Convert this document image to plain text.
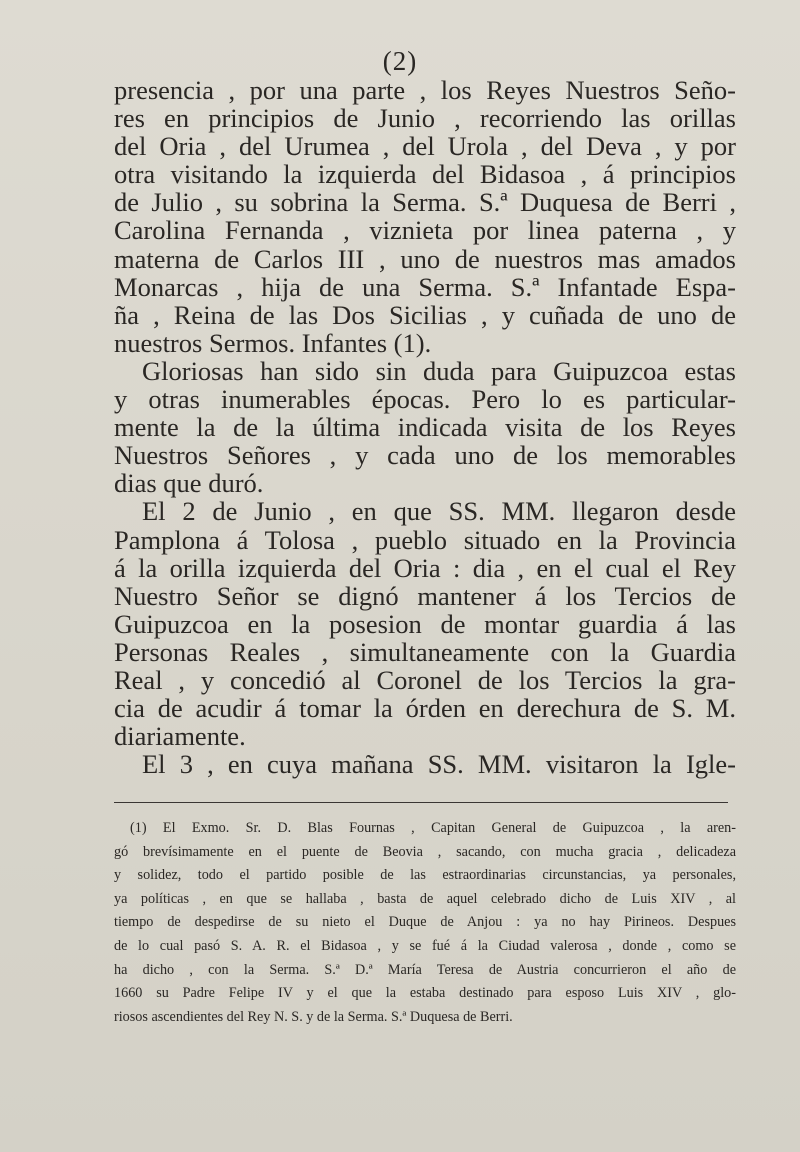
(2)
presencia , por una parte , los Reyes Nuestros Seño-
res en principios de Junio , recorriendo las orillas
del Oria , del Urumea , del Urola , del Deva , y por
otra visitando la izquierda del Bidasoa , á principios
de Julio , su sobrina la Serma. S.ª Duquesa de Berri ,
Carolina Fernanda , viznieta por linea paterna , y
materna de Carlos III , uno de nuestros mas amados
Monarcas , hija de una Serma. S.ª Infantade Espa-
ña , Reina de las Dos Sicilias , y cuñada de uno de
nuestros Sermos. Infantes (1).
Gloriosas han sido sin duda para Guipuzcoa estas
y otras inumerables épocas. Pero lo es particular-
mente la de la última indicada visita de los Reyes
Nuestros Señores , y cada uno de los memorables
dias que duró.
El 2 de Junio , en que SS. MM. llegaron desde
Pamplona á Tolosa , pueblo situado en la Provincia
á la orilla izquierda del Oria : dia , en el cual el Rey
Nuestro Señor se dignó mantener á los Tercios de
Guipuzcoa en la posesion de montar guardia á las
Personas Reales , simultaneamente con la Guardia
Real , y concedió al Coronel de los Tercios la gra-
cia de acudir á tomar la órden en derechura de S. M.
diariamente.
El 3 , en cuya mañana SS. MM. visitaron la Igle-
(1) El Exmo. Sr. D. Blas Fournas , Capitan General de Guipuzcoa , la aren-
gó brevísimamente en el puente de Beovia , sacando, con mucha gracia , delicadeza
y solidez, todo el partido posible de las estraordinarias circunstancias, ya personales,
ya políticas , en que se hallaba , basta de aquel celebrado dicho de Luis XIV , al
tiempo de despedirse de su nieto el Duque de Anjou : ya no hay Pirineos. Despues
de lo cual pasó S. A. R. el Bidasoa , y se fué á la Ciudad valerosa , donde , como se
ha dicho , con la Serma. S.ª D.ª María Teresa de Austria concurrieron el año de
1660 su Padre Felipe IV y el que la estaba destinado para esposo Luis XIV , glo-
riosos ascendientes del Rey N. S. y de la Serma. S.ª Duquesa de Berri.
